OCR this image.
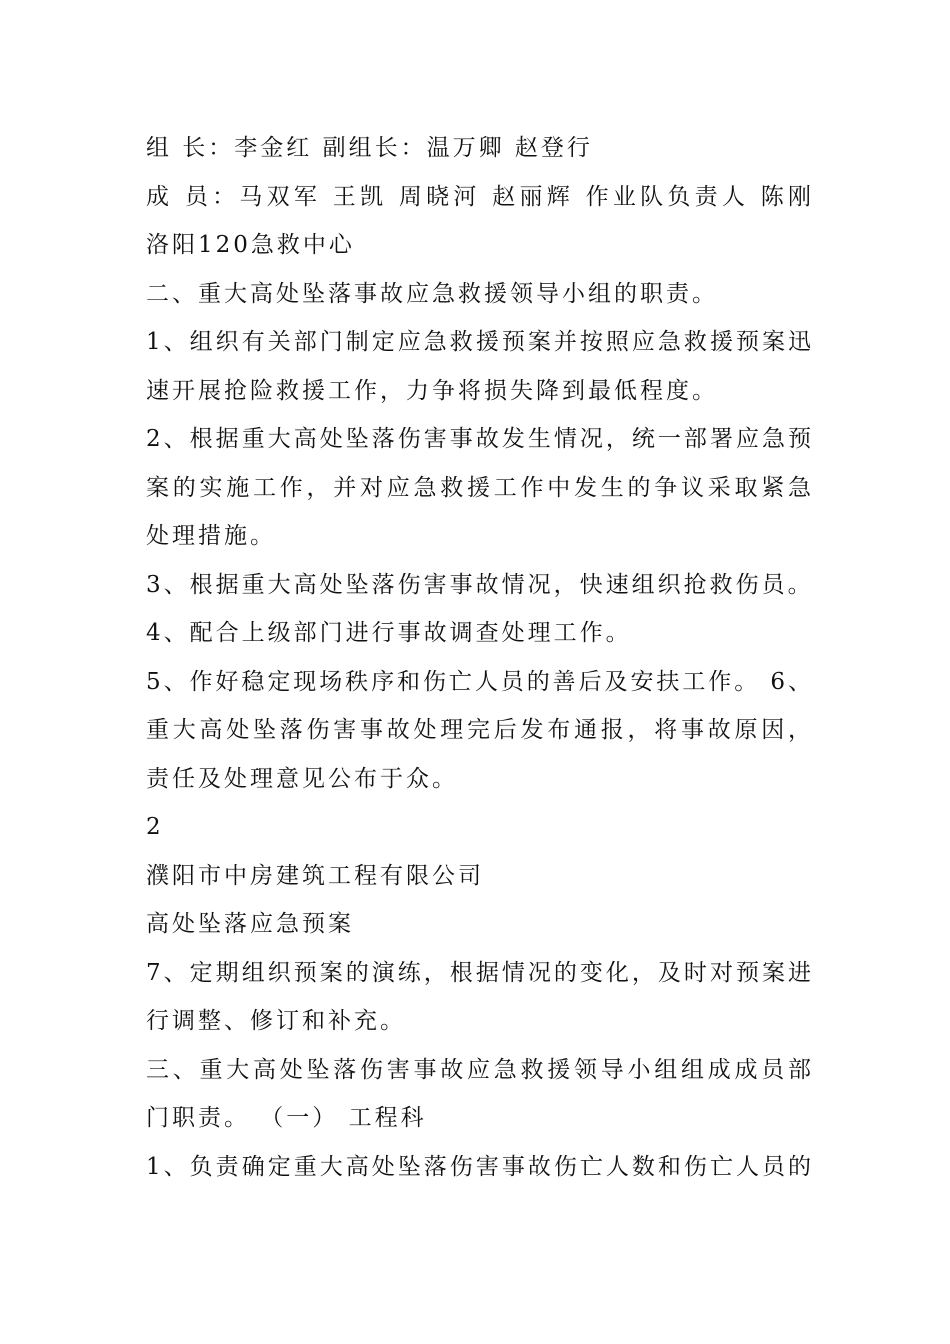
组 长：李金红 副组长：温万卿 赵登行
成 员：马双军 王凯 周晓河 赵丽辉 作业队负责人 陈刚
洛阳120急救中心
二、重大高处坠落事故应急救援领导小组的职责。
1、组织有关部门制定应急救援预案并按照应急救援预案迅
速开展抢险救援工作，力争将损失降到最低程度。
2、根据重大高处坠落伤害事故发生情况，统一部署应急预
案的实施工作，并对应急救援工作中发生的争议采取紧急
处理措施。
3、根据重大高处坠落伤害事故情况，快速组织抢救伤员。
4、配合上级部门进行事故调查处理工作。
5、作好稳定现场秩序和伤亡人员的善后及安扶工作。 6、
重大高处坠落伤害事故处理完后发布通报，将事故原因，
责任及处理意见公布于众。
2
濮阳市中房建筑工程有限公司
高处坠落应急预案
7、定期组织预案的演练，根据情况的变化，及时对预案进
行调整、修订和补充。
三、重大高处坠落伤害事故应急救援领导小组组成成员部
门职责。 （一） 工程科
1、负责确定重大高处坠落伤害事故伤亡人数和伤亡人员的
